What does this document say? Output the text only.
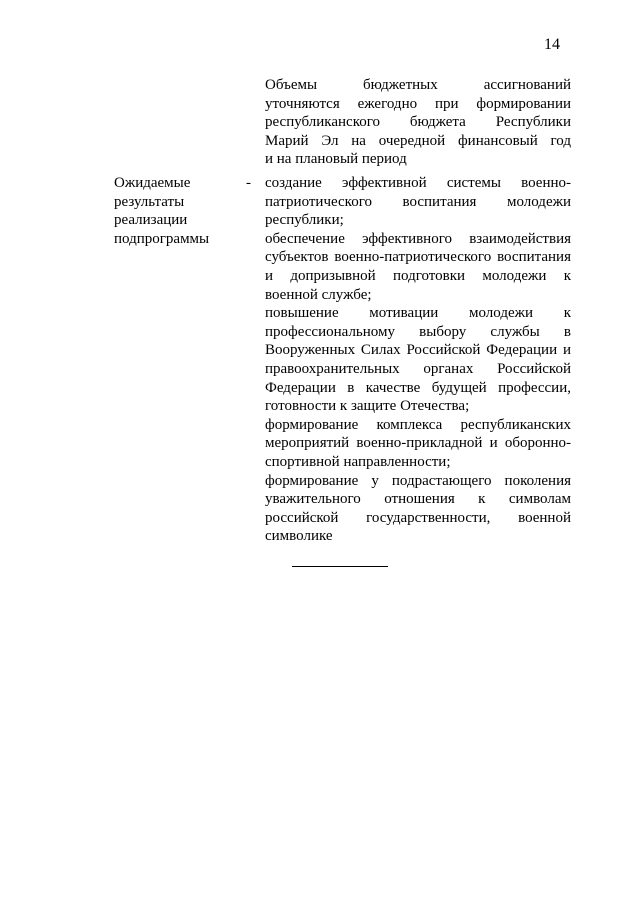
14
Объемы бюджетных ассигнований
уточняются ежегодно при формировании
республиканского бюджета Республики
Марий Эл на очередной финансовый год
и на плановый период
Ожидаемые
результаты
реализации
подпрограммы
- создание эффективной системы военно-
патриотического воспитания молодежи
республики;
обеспечение эффективного взаимодействия
субъектов военно-патриотического воспитания
и допризывной подготовки молодежи к
военной службе;
повышение мотивации молодежи к
профессиональному выбору службы в
Вооруженных Силах Российской Федерации и
правоохранительных органах Российской
Федерации в качестве будущей профессии,
готовности к защите Отечества;
формирование комплекса республиканских
мероприятий военно-прикладной и оборонно-
спортивной направленности;
формирование у подрастающего поколения
уважительного отношения к символам
российской государственности, военной
символике
